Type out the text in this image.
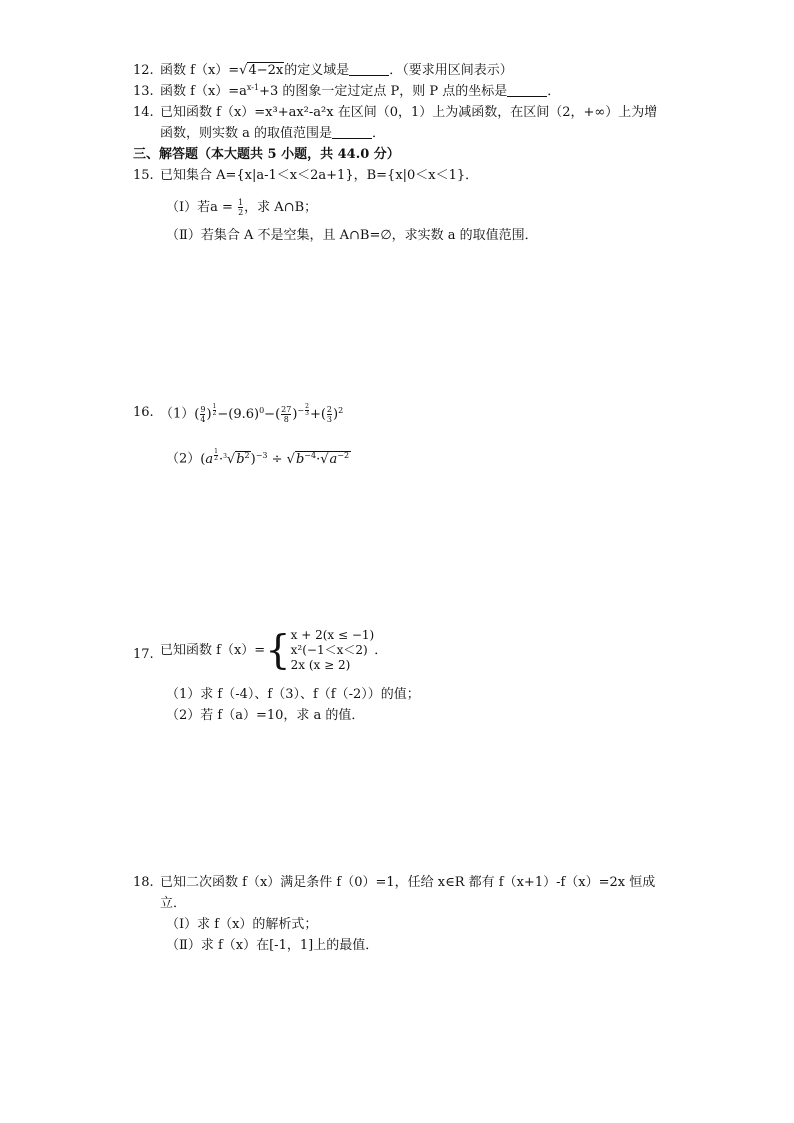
12. 函数 f（x）=√4−2x的定义域是	．（要求用区间表示）
13. 函数 $f(x)=a^{x-1}+3$ 的图象一定过定点 P，则 P 点的坐标是	．
14. 已知函数 f（x）=x³+ax²-a²x 在区间（0，1）上为减函数，在区间（2，+∞）上为增
函数，则实数 a 的取值范围是	．
三、解答题（本大题共 5 小题，共 44.0 分）
15. 已知集合 A={x|a-1＜x＜2a+1}，B={x|0＜x＜1}．
（Ⅰ）若$a = \frac{1}{2}$ ，求 A∩B；
（Ⅱ）若集合 A 不是空集，且 A∩B=∅，求实数 a 的取值范围．
16. $(1)( \frac{9}{4}$ ) $^{\frac{1}{2}} -(9.6)^0-( \frac{27}{8} )^{- \frac{2}{3}}$ +( $\frac{2}{3} )^2$
（2）(a $^{\frac{1}{2}} \cdot^3√b^2)^{-3} \div √b^{-4}\cdot√a^{-2}$
17. 已知函数 f（x）={ x + 2(x ≤ −1)
x²(−1＜x＜2)
2x (x ≥ 2)
．
（1）求 f（-4）、f（3）、f（f（-2））的值；
（2）若 f（a）=10，求 a 的值．
18. 已知二次函数 f（x）满足条件 f（0）=1，任给 x∈R 都有 f（x+1）-f（x）=2x 恒成
立．
（Ⅰ）求 f（x）的解析式；
（Ⅱ）求 f（x）在[-1，1]上的最值．
